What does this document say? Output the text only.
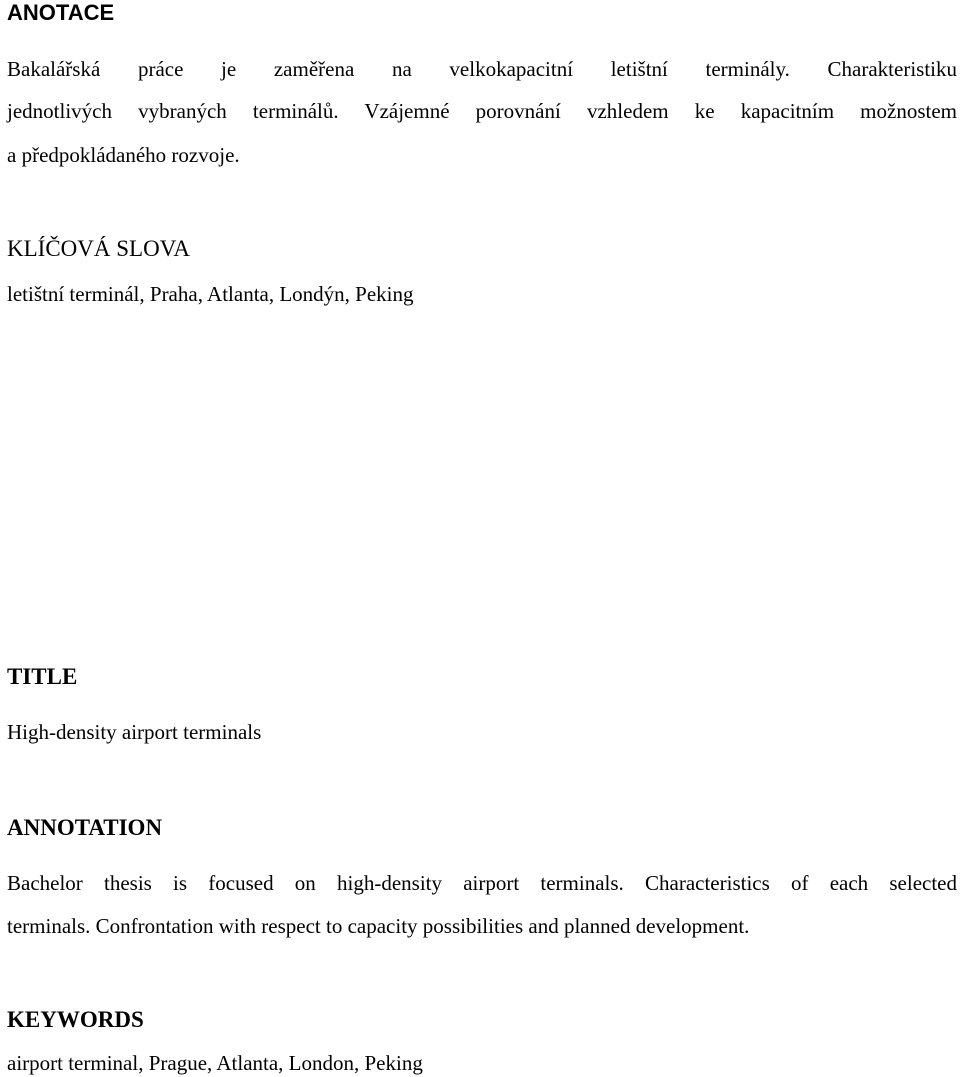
ANOTACE

Bakalářská práce je zaměřena na velkokapacitní letištní terminály. Charakteristiku

jednotlivých vybraných terminálů. Vzájemné porovnání vzhledem ke kapacitním možnostem

a předpokládaného rozvoje.

KLÍČOVÁ SLOVA

letištní terminál, Praha, Atlanta, Londýn, Peking

TITLE

High-density airport terminals

ANNOTATION

Bachelor thesis is focused on high-density airport terminals. Characteristics of each selected

terminals. Confrontation with respect to capacity possibilities and planned development.

KEYWORDS

airport terminal, Prague, Atlanta, London, Peking
